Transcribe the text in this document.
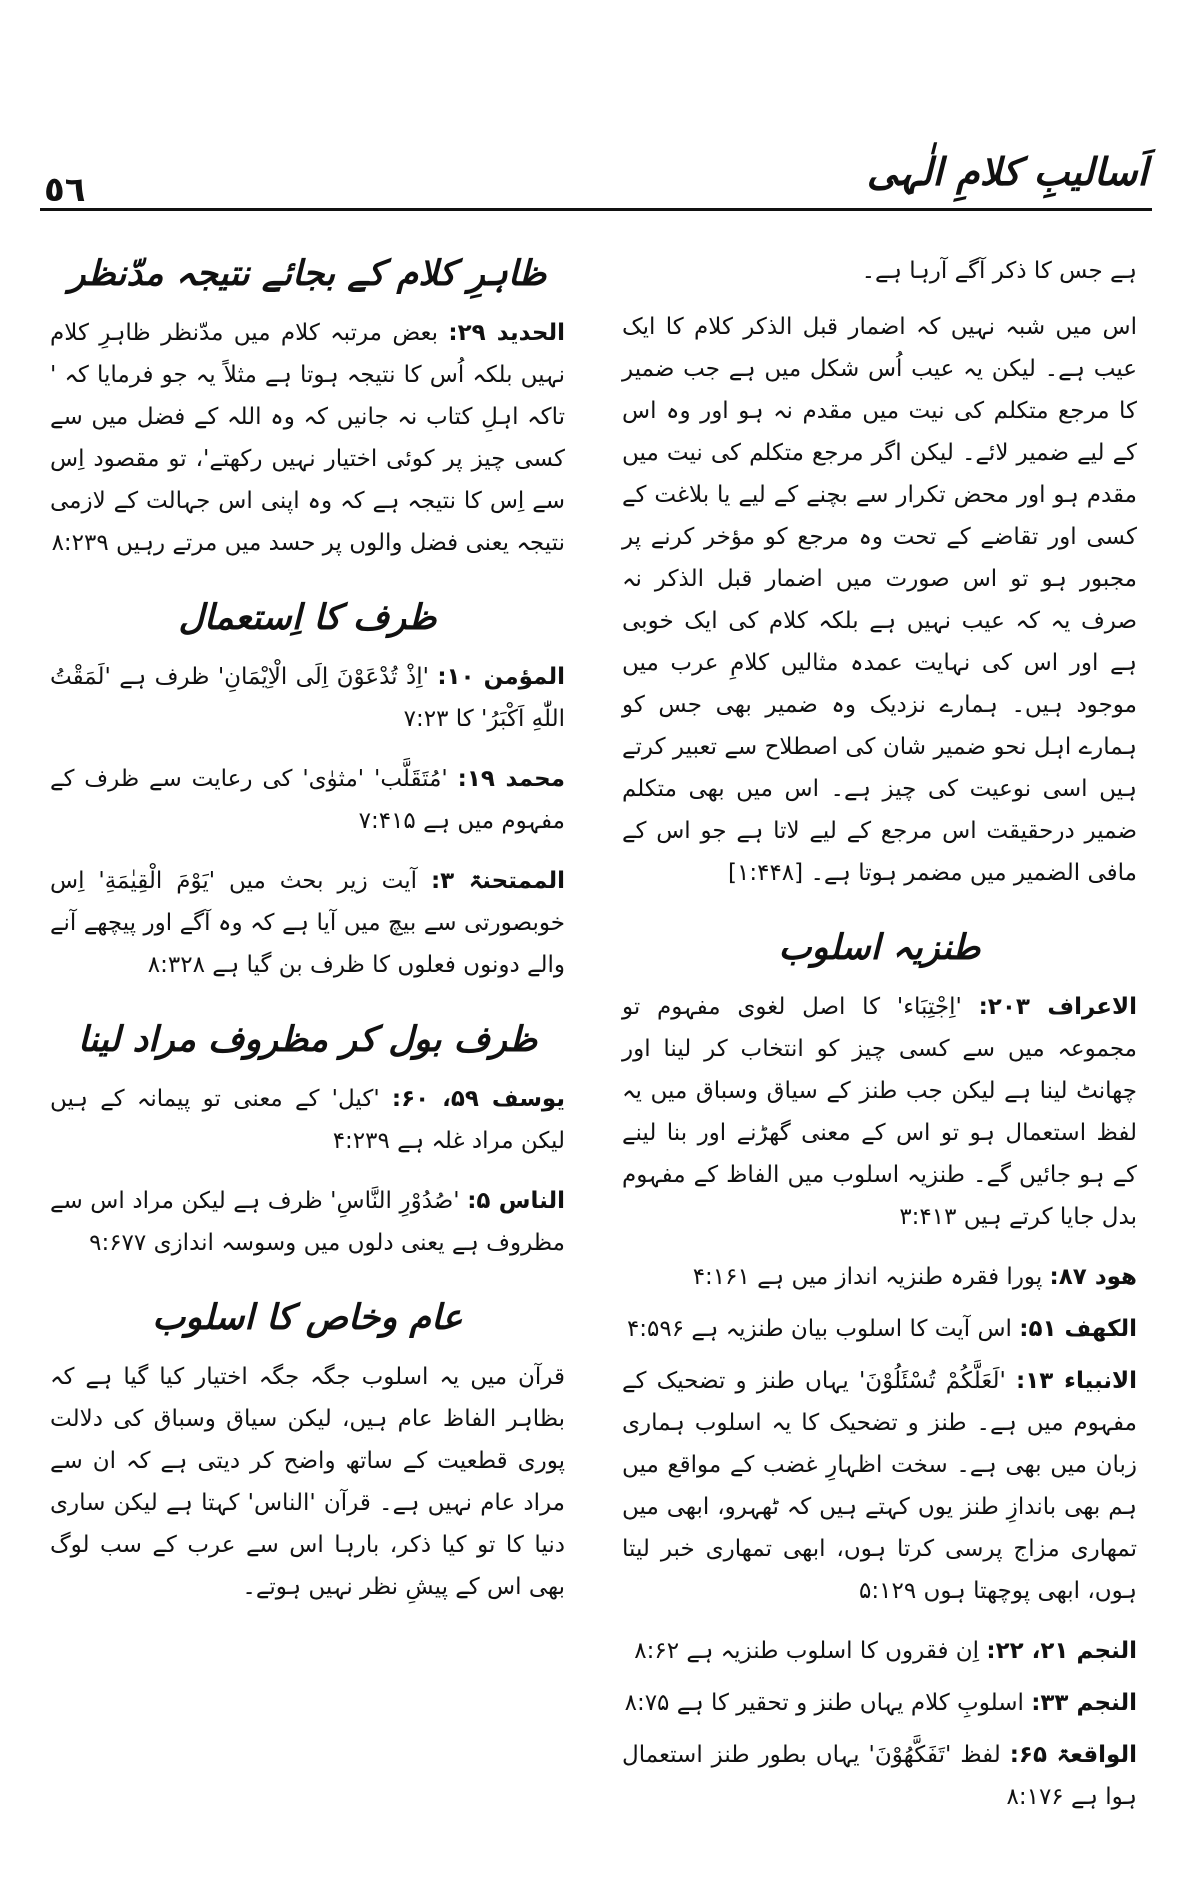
٥٦	اَسالیبِ کلامِ الٰہی

ہے جس کا ذکر آگے آرہا ہے۔

اس میں شبہ نہیں کہ اضمار قبل الذکر کلام کا ایک عیب ہے۔ لیکن یہ عیب اُس شکل میں ہے جب ضمیر کا مرجع متکلم کی نیت میں مقدم نہ ہو اور وہ اس کے لیے ضمیر لائے۔ لیکن اگر مرجع متکلم کی نیت میں مقدم ہو اور محض تکرار سے بچنے کے لیے یا بلاغت کے کسی اور تقاضے کے تحت وہ مرجع کو مؤخر کرنے پر مجبور ہو تو اس صورت میں اضمار قبل الذکر نہ صرف یہ کہ عیب نہیں ہے بلکہ کلام کی ایک خوبی ہے اور اس کی نہایت عمدہ مثالیں کلامِ عرب میں موجود ہیں۔ ہمارے نزدیک وہ ضمیر بھی جس کو ہمارے اہل نحو ضمیر شان کی اصطلاح سے تعبیر کرتے ہیں اسی نوعیت کی چیز ہے۔ اس میں بھی متکلم ضمیر درحقیقت اس مرجع کے لیے لاتا ہے جو اس کے مافی الضمیر میں مضمر ہوتا ہے۔ [۱:۴۴۸]

طنزیہ اسلوب

الاعراف ۲۰۳: 'اِجْتِبَاء' کا اصل لغوی مفہوم تو مجموعہ میں سے کسی چیز کو انتخاب کر لینا اور چھانٹ لینا ہے لیکن جب طنز کے سیاق وسباق میں یہ لفظ استعمال ہو تو اس کے معنی گھڑنے اور بنا لینے کے ہو جائیں گے۔ طنزیہ اسلوب میں الفاظ کے مفہوم بدل جایا کرتے ہیں ۳:۴۱۳

ھود ۸۷: پورا فقرہ طنزیہ انداز میں ہے ۴:۱۶۱

الکھف ۵۱: اس آیت کا اسلوب بیان طنزیہ ہے ۴:۵۹۶

الانبیاء ۱۳: 'لَعَلَّكُمْ تُسْئَلُوْنَ' یہاں طنز و تضحیک کے مفہوم میں ہے۔ طنز و تضحیک کا یہ اسلوب ہماری زبان میں بھی ہے۔ سخت اظہارِ غضب کے مواقع میں ہم بھی باندازِ طنز یوں کہتے ہیں کہ ٹھہرو، ابھی میں تمھاری مزاج پرسی کرتا ہوں، ابھی تمھاری خبر لیتا ہوں، ابھی پوچھتا ہوں ۵:۱۲۹

النجم ۲۱، ۲۲: اِن فقروں کا اسلوب طنزیہ ہے ۸:۶۲

النجم ۳۳: اسلوبِ کلام یہاں طنز و تحقیر کا ہے ۸:۷۵

الواقعۃ ۶۵: لفظ 'تَفَكَّهُوْنَ' یہاں بطور طنز استعمال ہوا ہے ۸:۱۷۶

ظاہرِ کلام کے بجائے نتیجہ مدّنظر

الحدید ۲۹: بعض مرتبہ کلام میں مدّنظر ظاہرِ کلام نہیں بلکہ اُس کا نتیجہ ہوتا ہے مثلاً یہ جو فرمایا کہ ' تاکہ اہلِ کتاب نہ جانیں کہ وہ اللہ کے فضل میں سے کسی چیز پر کوئی اختیار نہیں رکھتے'، تو مقصود اِس سے اِس کا نتیجہ ہے کہ وہ اپنی اس جہالت کے لازمی نتیجہ یعنی فضل والوں پر حسد میں مرتے رہیں ۸:۲۳۹

ظرف کا اِستعمال

المؤمن ۱۰: 'اِذْ تُدْعَوْنَ اِلَى الْاِيْمَانِ' ظرف ہے 'لَمَقْتُ اللّٰهِ اَكْبَرُ' کا ۷:۲۳

محمد ۱۹: 'مُتَقَلَّب' 'مثوٰی' کی رعایت سے ظرف کے مفہوم میں ہے ۷:۴۱۵

الممتحنۃ ۳: آیت زیر بحث میں 'يَوْمَ الْقِيٰمَةِ' اِس خوبصورتی سے بیچ میں آیا ہے کہ وہ آگے اور پیچھے آنے والے دونوں فعلوں کا ظرف بن گیا ہے ۸:۳۲۸

ظرف بول کر مظروف مراد لینا

یوسف ۵۹، ۶۰: 'کیل' کے معنی تو پیمانہ کے ہیں لیکن مراد غلہ ہے ۴:۲۳۹

الناس ۵: 'صُدُوْرِ النَّاسِ' ظرف ہے لیکن مراد اس سے مظروف ہے یعنی دلوں میں وسوسہ اندازی ۹:۶۷۷

عام وخاص کا اسلوب

قرآن میں یہ اسلوب جگہ جگہ اختیار کیا گیا ہے کہ بظاہر الفاظ عام ہیں، لیکن سیاق وسباق کی دلالت پوری قطعیت کے ساتھ واضح کر دیتی ہے کہ ان سے مراد عام نہیں ہے۔ قرآن 'الناس' کہتا ہے لیکن ساری دنیا کا تو کیا ذکر، بارہا اس سے عرب کے سب لوگ بھی اس کے پیشِ نظر نہیں ہوتے۔
